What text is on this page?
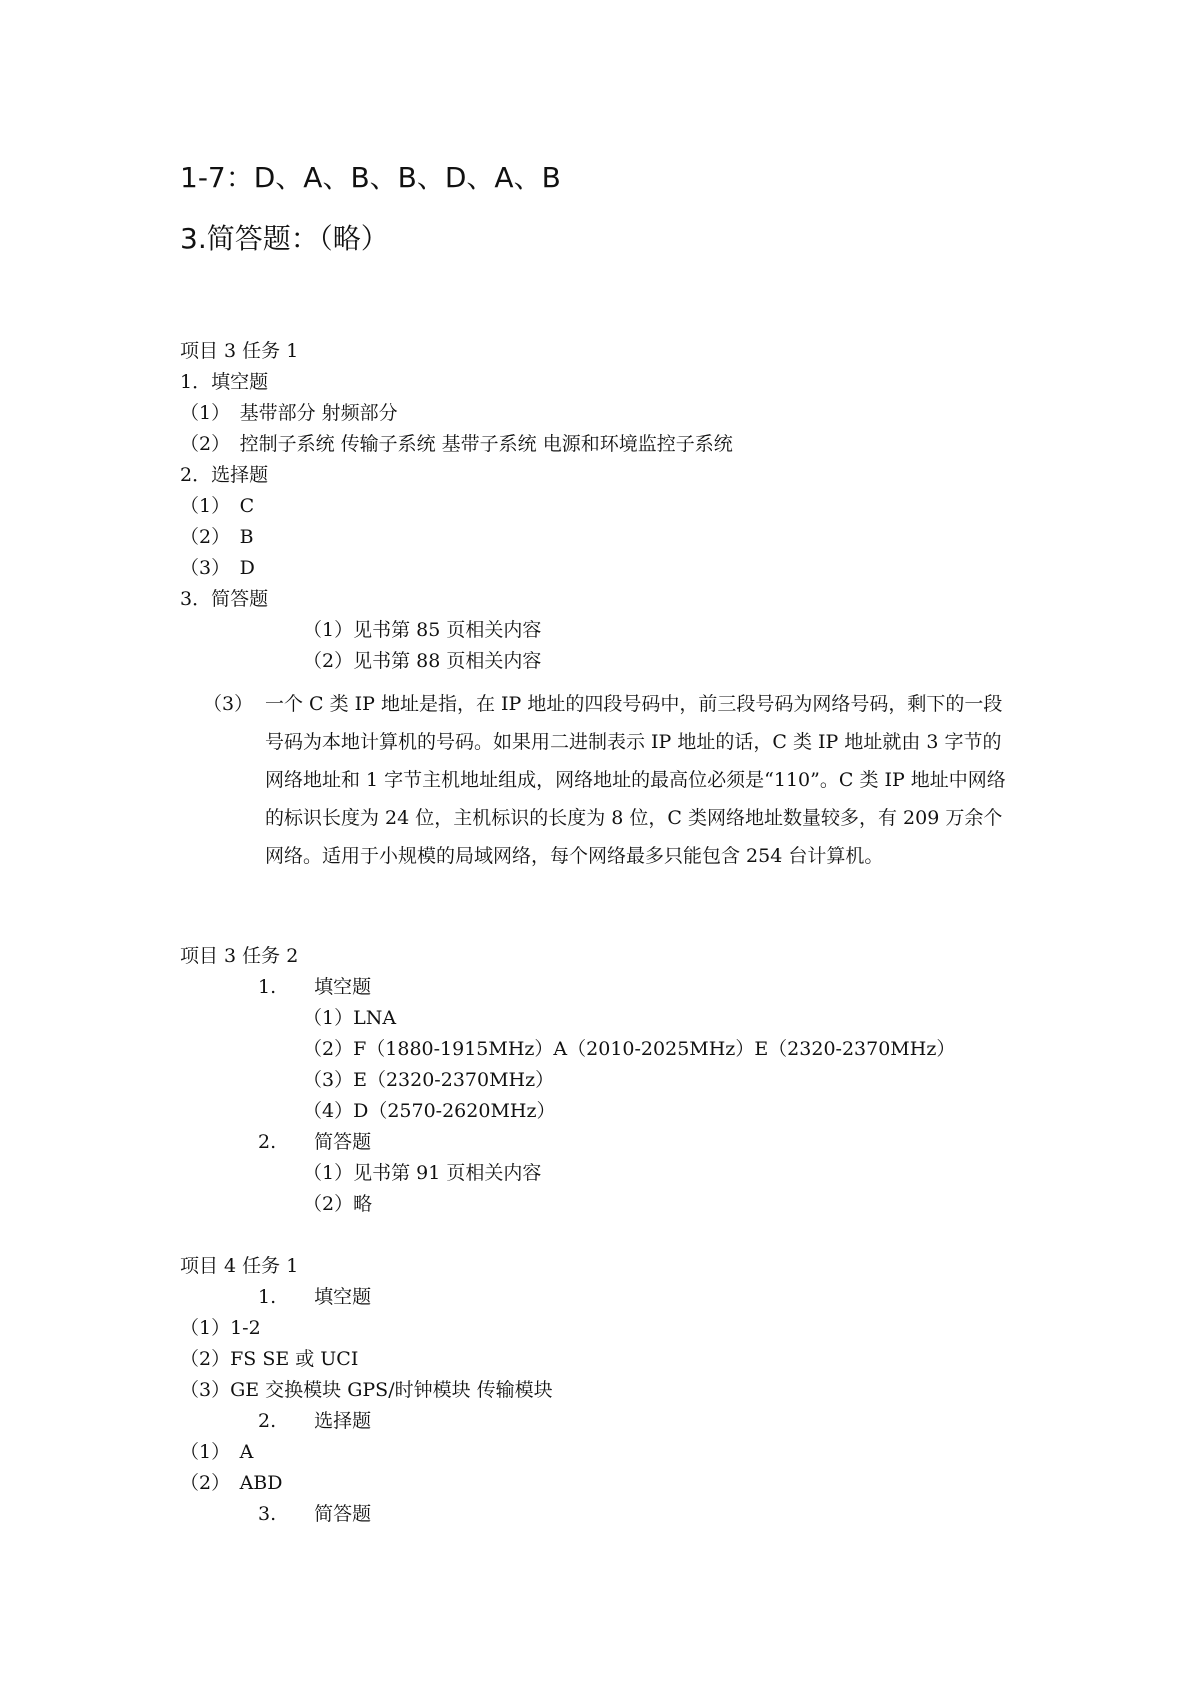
1-7：D、A、B、B、D、A、B
3.简答题：（略）
项目 3 任务 1
1．填空题
（1）　基带部分 射频部分
（2）　控制子系统 传输子系统 基带子系统 电源和环境监控子系统
2．选择题
（1）　C
（2）　B
（3）　D
3．简答题
（1）见书第 85 页相关内容
（2）见书第 88 页相关内容
（3） 一个 C 类 IP 地址是指，在 IP 地址的四段号码中，前三段号码为网络号码，剩下的一段号码为本地计算机的号码。如果用二进制表示 IP 地址的话，C 类 IP 地址就由 3 字节的网络地址和 1 字节主机地址组成，网络地址的最高位必须是“110”。C 类 IP 地址中网络的标识长度为 24 位，主机标识的长度为 8 位，C 类网络地址数量较多，有 209 万余个网络。适用于小规模的局域网络，每个网络最多只能包含 254 台计算机。
项目 3 任务 2
1.　　填空题
（1）LNA
（2）F（1880-1915MHz）A（2010-2025MHz）E（2320-2370MHz）
（3）E（2320-2370MHz）
（4）D（2570-2620MHz）
2.　　简答题
（1）见书第 91 页相关内容
（2）略
项目 4 任务 1
1.　　填空题
（1）1-2
（2）FS SE 或 UCI
（3）GE 交换模块 GPS/时钟模块 传输模块
2.　　选择题
（1）　A
（2）　ABD
3.　　简答题
